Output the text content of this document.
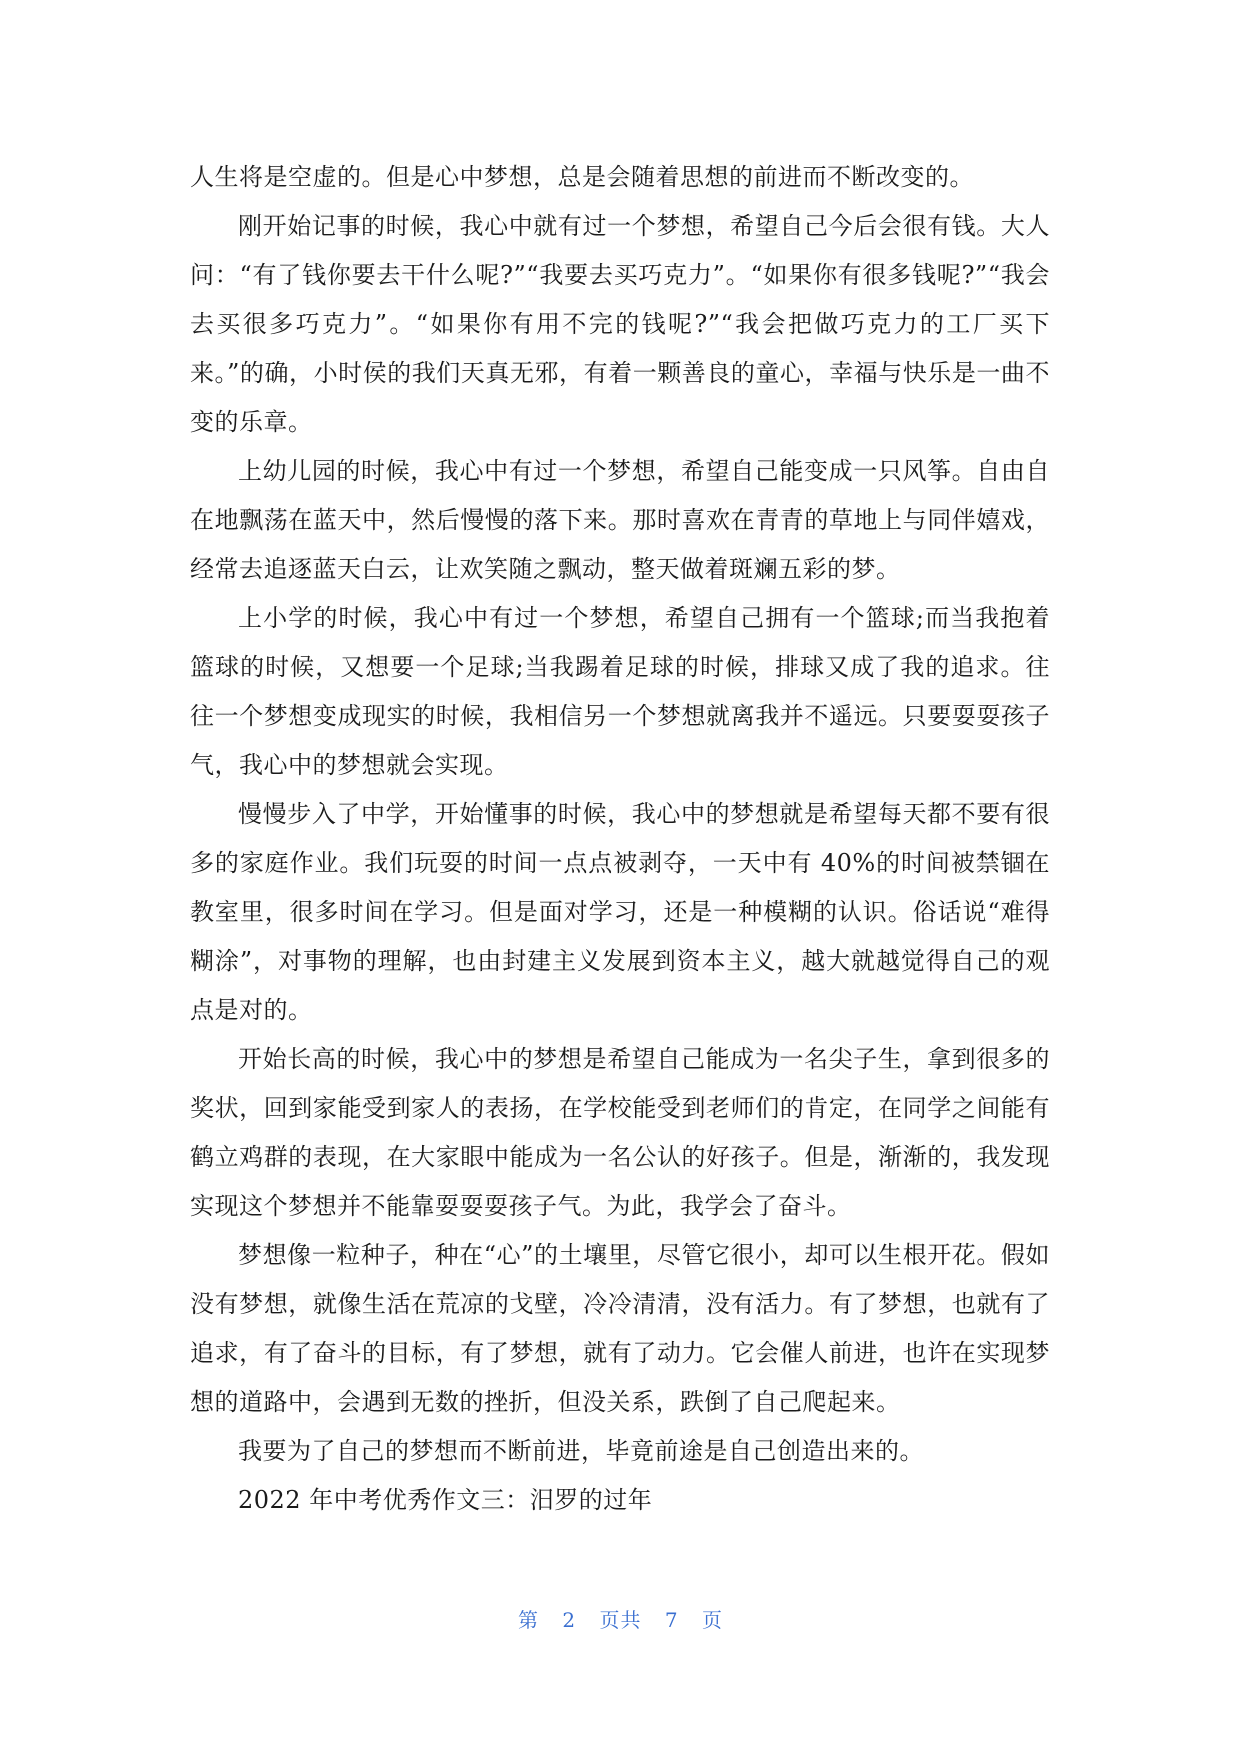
人生将是空虚的。但是心中梦想，总是会随着思想的前进而不断改变的。

刚开始记事的时候，我心中就有过一个梦想，希望自己今后会很有钱。大人问：“有了钱你要去干什么呢?”“我要去买巧克力”。“如果你有很多钱呢?”“我会去买很多巧克力”。“如果你有用不完的钱呢?”“我会把做巧克力的工厂买下来。”的确，小时侯的我们天真无邪，有着一颗善良的童心，幸福与快乐是一曲不变的乐章。

上幼儿园的时候，我心中有过一个梦想，希望自己能变成一只风筝。自由自在地飘荡在蓝天中，然后慢慢的落下来。那时喜欢在青青的草地上与同伴嬉戏，经常去追逐蓝天白云，让欢笑随之飘动，整天做着斑斓五彩的梦。

上小学的时候，我心中有过一个梦想，希望自己拥有一个篮球;而当我抱着篮球的时候，又想要一个足球;当我踢着足球的时候，排球又成了我的追求。往往一个梦想变成现实的时候，我相信另一个梦想就离我并不遥远。只要耍耍孩子气，我心中的梦想就会实现。

慢慢步入了中学，开始懂事的时候，我心中的梦想就是希望每天都不要有很多的家庭作业。我们玩耍的时间一点点被剥夺，一天中有 40%的时间被禁锢在教室里，很多时间在学习。但是面对学习，还是一种模糊的认识。俗话说“难得糊涂”，对事物的理解，也由封建主义发展到资本主义，越大就越觉得自己的观点是对的。

开始长高的时候，我心中的梦想是希望自己能成为一名尖子生，拿到很多的奖状，回到家能受到家人的表扬，在学校能受到老师们的肯定，在同学之间能有鹤立鸡群的表现，在大家眼中能成为一名公认的好孩子。但是，渐渐的，我发现实现这个梦想并不能靠耍耍耍孩子气。为此，我学会了奋斗。

梦想像一粒种子，种在“心”的土壤里，尽管它很小，却可以生根开花。假如没有梦想，就像生活在荒凉的戈壁，冷冷清清，没有活力。有了梦想，也就有了追求，有了奋斗的目标，有了梦想，就有了动力。它会催人前进，也许在实现梦想的道路中，会遇到无数的挫折，但没关系，跌倒了自己爬起来。

我要为了自己的梦想而不断前进，毕竟前途是自己创造出来的。

2022 年中考优秀作文三：汨罗的过年

第 2 页共 7 页
